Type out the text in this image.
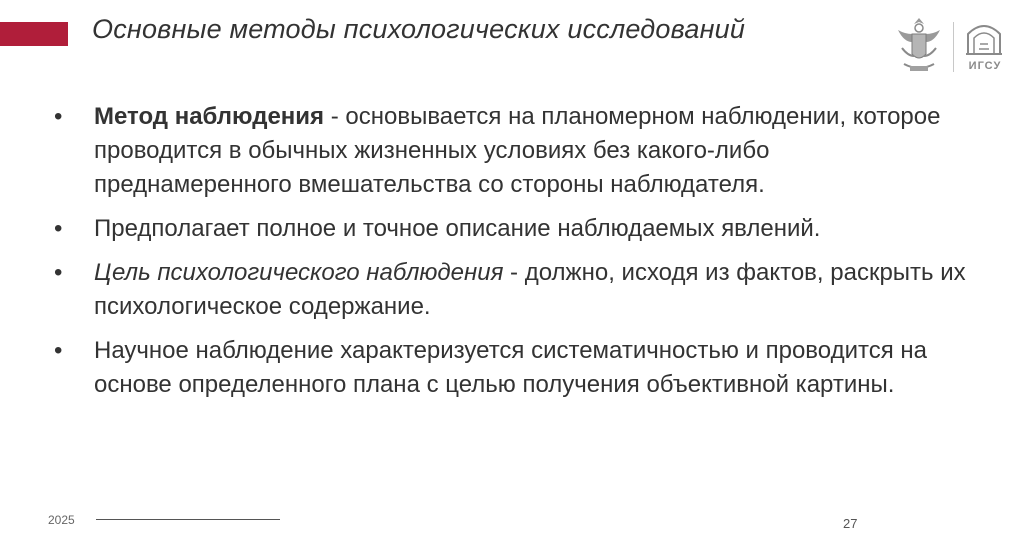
Основные методы психологических исследований
ИГСУ
• Метод наблюдения - основывается на планомерном наблюдении, которое проводится в обычных жизненных условиях без какого-либо преднамеренного вмешательства со стороны наблюдателя.
• Предполагает полное и точное описание наблюдаемых явлений.
• Цель психологического наблюдения - должно, исходя из фактов, раскрыть их психологическое содержание.
• Научное наблюдение характеризуется систематичностью и проводится на основе определенного плана с целью получения объективной картины.
2025	27
